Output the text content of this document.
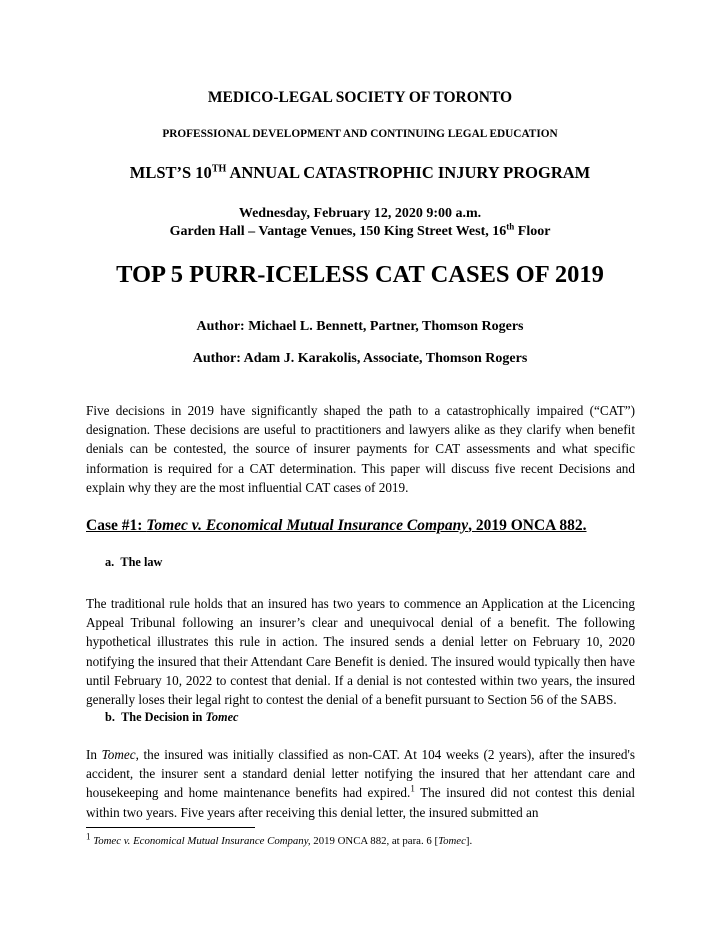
MEDICO-LEGAL SOCIETY OF TORONTO
PROFESSIONAL DEVELOPMENT AND CONTINUING LEGAL EDUCATION
MLST’S 10TH ANNUAL CATASTROPHIC INJURY PROGRAM
Wednesday, February 12, 2020 9:00 a.m.
Garden Hall – Vantage Venues, 150 King Street West, 16th Floor
TOP 5 PURR-ICELESS CAT CASES OF 2019
Author: Michael L. Bennett, Partner, Thomson Rogers
Author: Adam J. Karakolis, Associate, Thomson Rogers

Five decisions in 2019 have significantly shaped the path to a catastrophically impaired (“CAT”) designation. These decisions are useful to practitioners and lawyers alike as they clarify when benefit denials can be contested, the source of insurer payments for CAT assessments and what specific information is required for a CAT determination. This paper will discuss five recent Decisions and explain why they are the most influential CAT cases of 2019.

Case #1: Tomec v. Economical Mutual Insurance Company, 2019 ONCA 882.
a. The law

The traditional rule holds that an insured has two years to commence an Application at the Licencing Appeal Tribunal following an insurer’s clear and unequivocal denial of a benefit. The following hypothetical illustrates this rule in action. The insured sends a denial letter on February 10, 2020 notifying the insured that their Attendant Care Benefit is denied. The insured would typically then have until February 10, 2022 to contest that denial. If a denial is not contested within two years, the insured generally loses their legal right to contest the denial of a benefit pursuant to Section 56 of the SABS.

b. The Decision in Tomec

In Tomec, the insured was initially classified as non-CAT. At 104 weeks (2 years), after the insured's accident, the insurer sent a standard denial letter notifying the insured that her attendant care and housekeeping and home maintenance benefits had expired.$^1$ The insured did not contest this denial within two years. Five years after receiving this denial letter, the insured submitted an

$^1$ Tomec v. Economical Mutual Insurance Company, 2019 ONCA 882, at para. 6 [Tomec].
